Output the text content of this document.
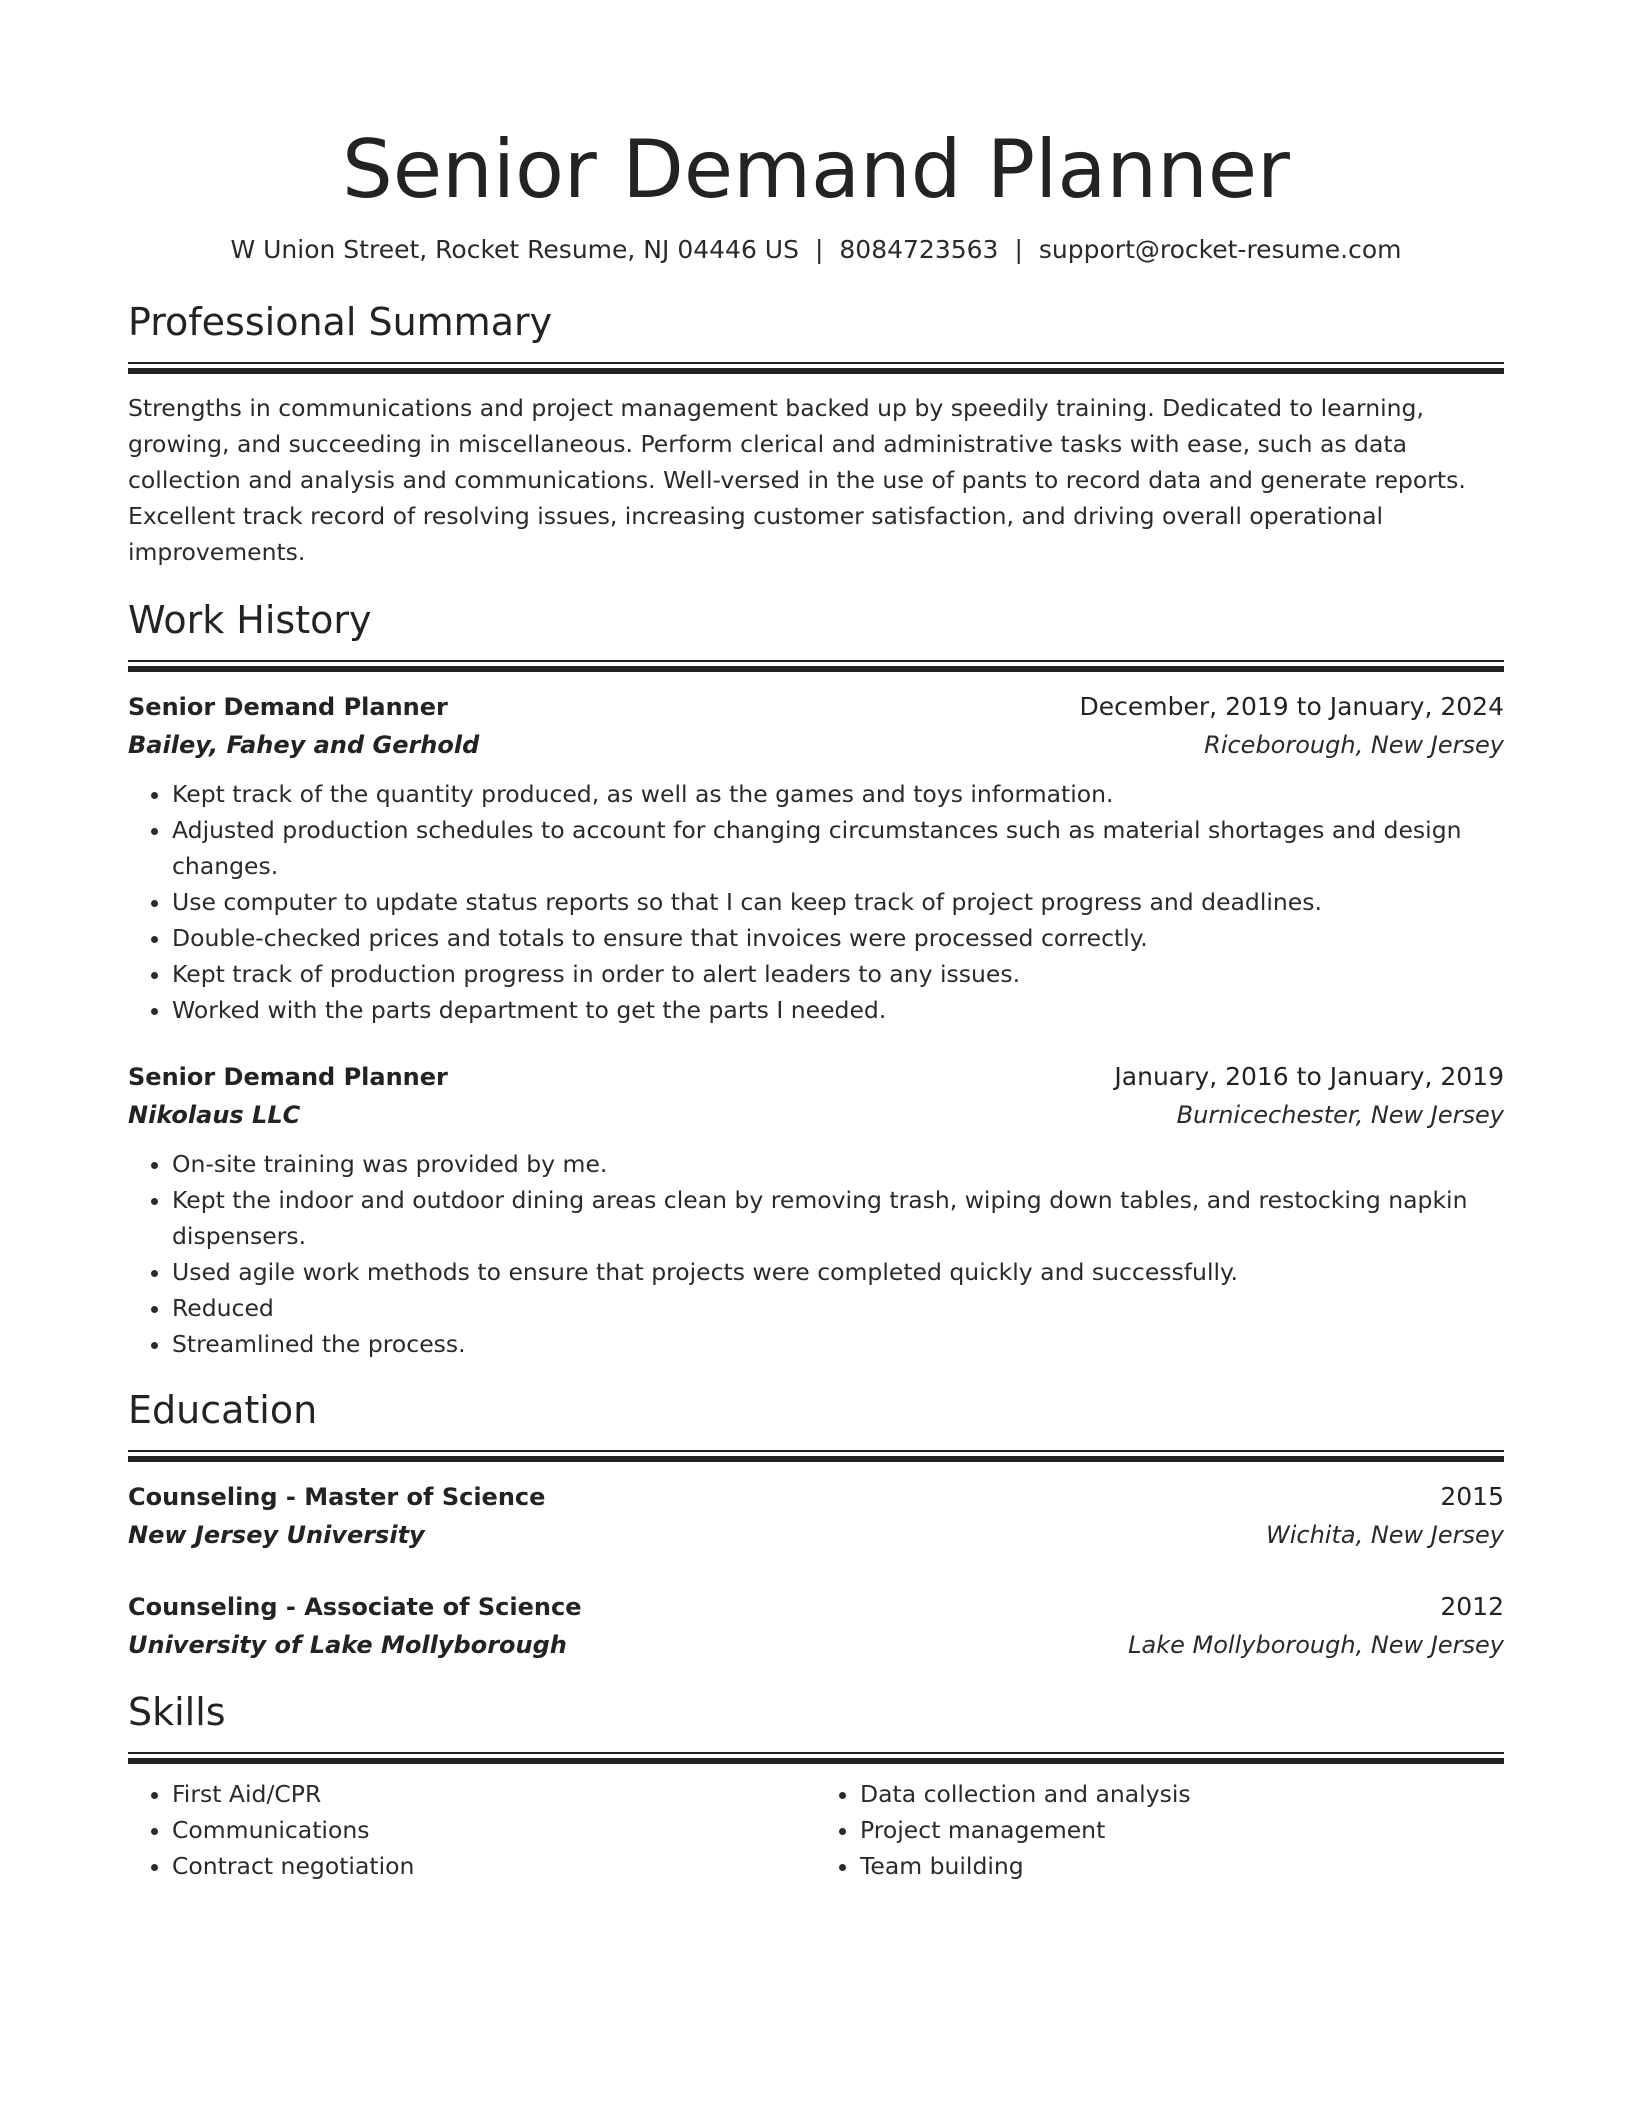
Senior Demand Planner
W Union Street, Rocket Resume, NJ 04446 US | 8084723563 | support@rocket-resume.com
Professional Summary

Strengths in communications and project management backed up by speedily training. Dedicated to learning, growing, and succeeding in miscellaneous. Perform clerical and administrative tasks with ease, such as data collection and analysis and communications. Well-versed in the use of pants to record data and generate reports. Excellent track record of resolving issues, increasing customer satisfaction, and driving overall operational improvements.

Work History
Senior Demand Planner	December, 2019 to January, 2024
Bailey, Fahey and Gerhold	Riceborough, New Jersey
• Kept track of the quantity produced, as well as the games and toys information.
• Adjusted production schedules to account for changing circumstances such as material shortages and design changes.
• Use computer to update status reports so that I can keep track of project progress and deadlines.
• Double-checked prices and totals to ensure that invoices were processed correctly.
• Kept track of production progress in order to alert leaders to any issues.
• Worked with the parts department to get the parts I needed.
Senior Demand Planner	January, 2016 to January, 2019
Nikolaus LLC	Burnicechester, New Jersey
• On-site training was provided by me.
• Kept the indoor and outdoor dining areas clean by removing trash, wiping down tables, and restocking napkin dispensers.
• Used agile work methods to ensure that projects were completed quickly and successfully.
• Reduced
• Streamlined the process.
Education
Counseling - Master of Science	2015
New Jersey University	Wichita, New Jersey
Counseling - Associate of Science	2012
University of Lake Mollyborough	Lake Mollyborough, New Jersey
Skills
• First Aid/CPR
• Communications
• Contract negotiation
• Data collection and analysis
• Project management
• Team building
